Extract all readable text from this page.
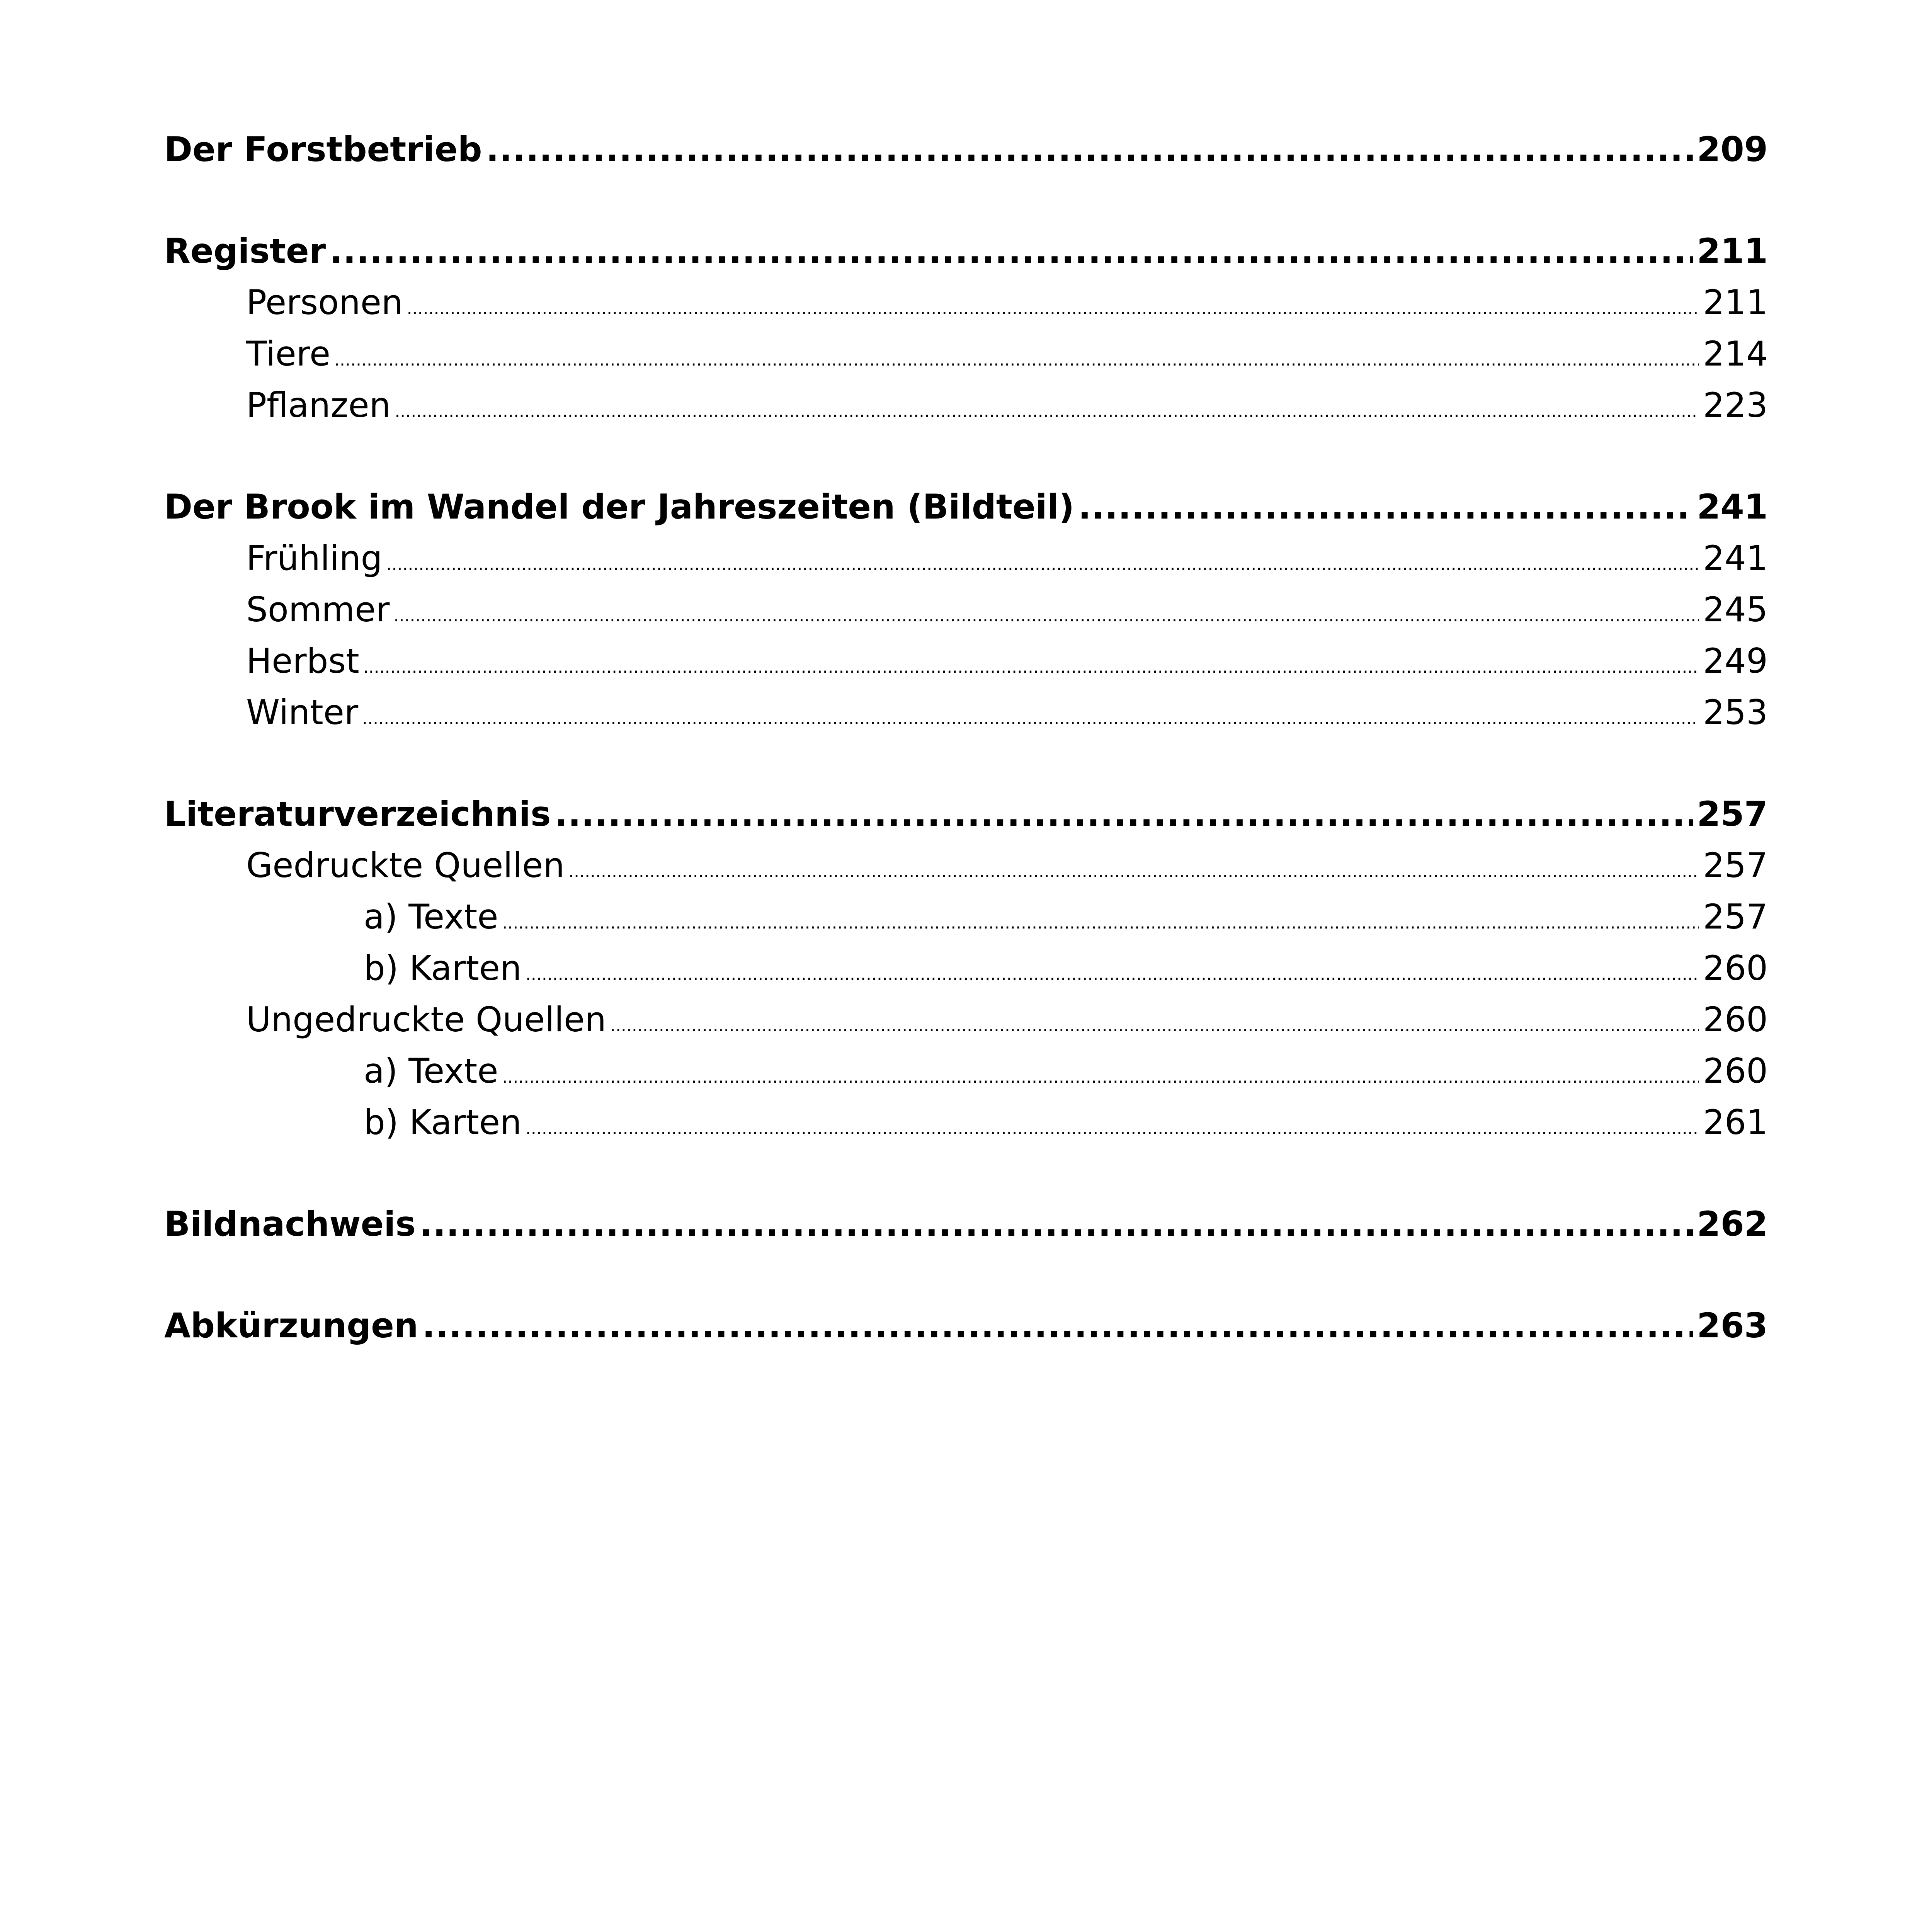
Der Forstbetrieb .....	209
Register .....	211
Personen .....	211
Tiere .....	214
Pflanzen .....	223
Der Brook im Wandel der Jahreszeiten (Bildteil) .....	241
Frühling .....	241
Sommer .....	245
Herbst .....	249
Winter .....	253
Literaturverzeichnis .....	257
Gedruckte Quellen .....	257
a) Texte .....	257
b) Karten .....	260
Ungedruckte Quellen .....	260
a) Texte .....	260
b) Karten .....	261
Bildnachweis .....	262
Abkürzungen .....	263
